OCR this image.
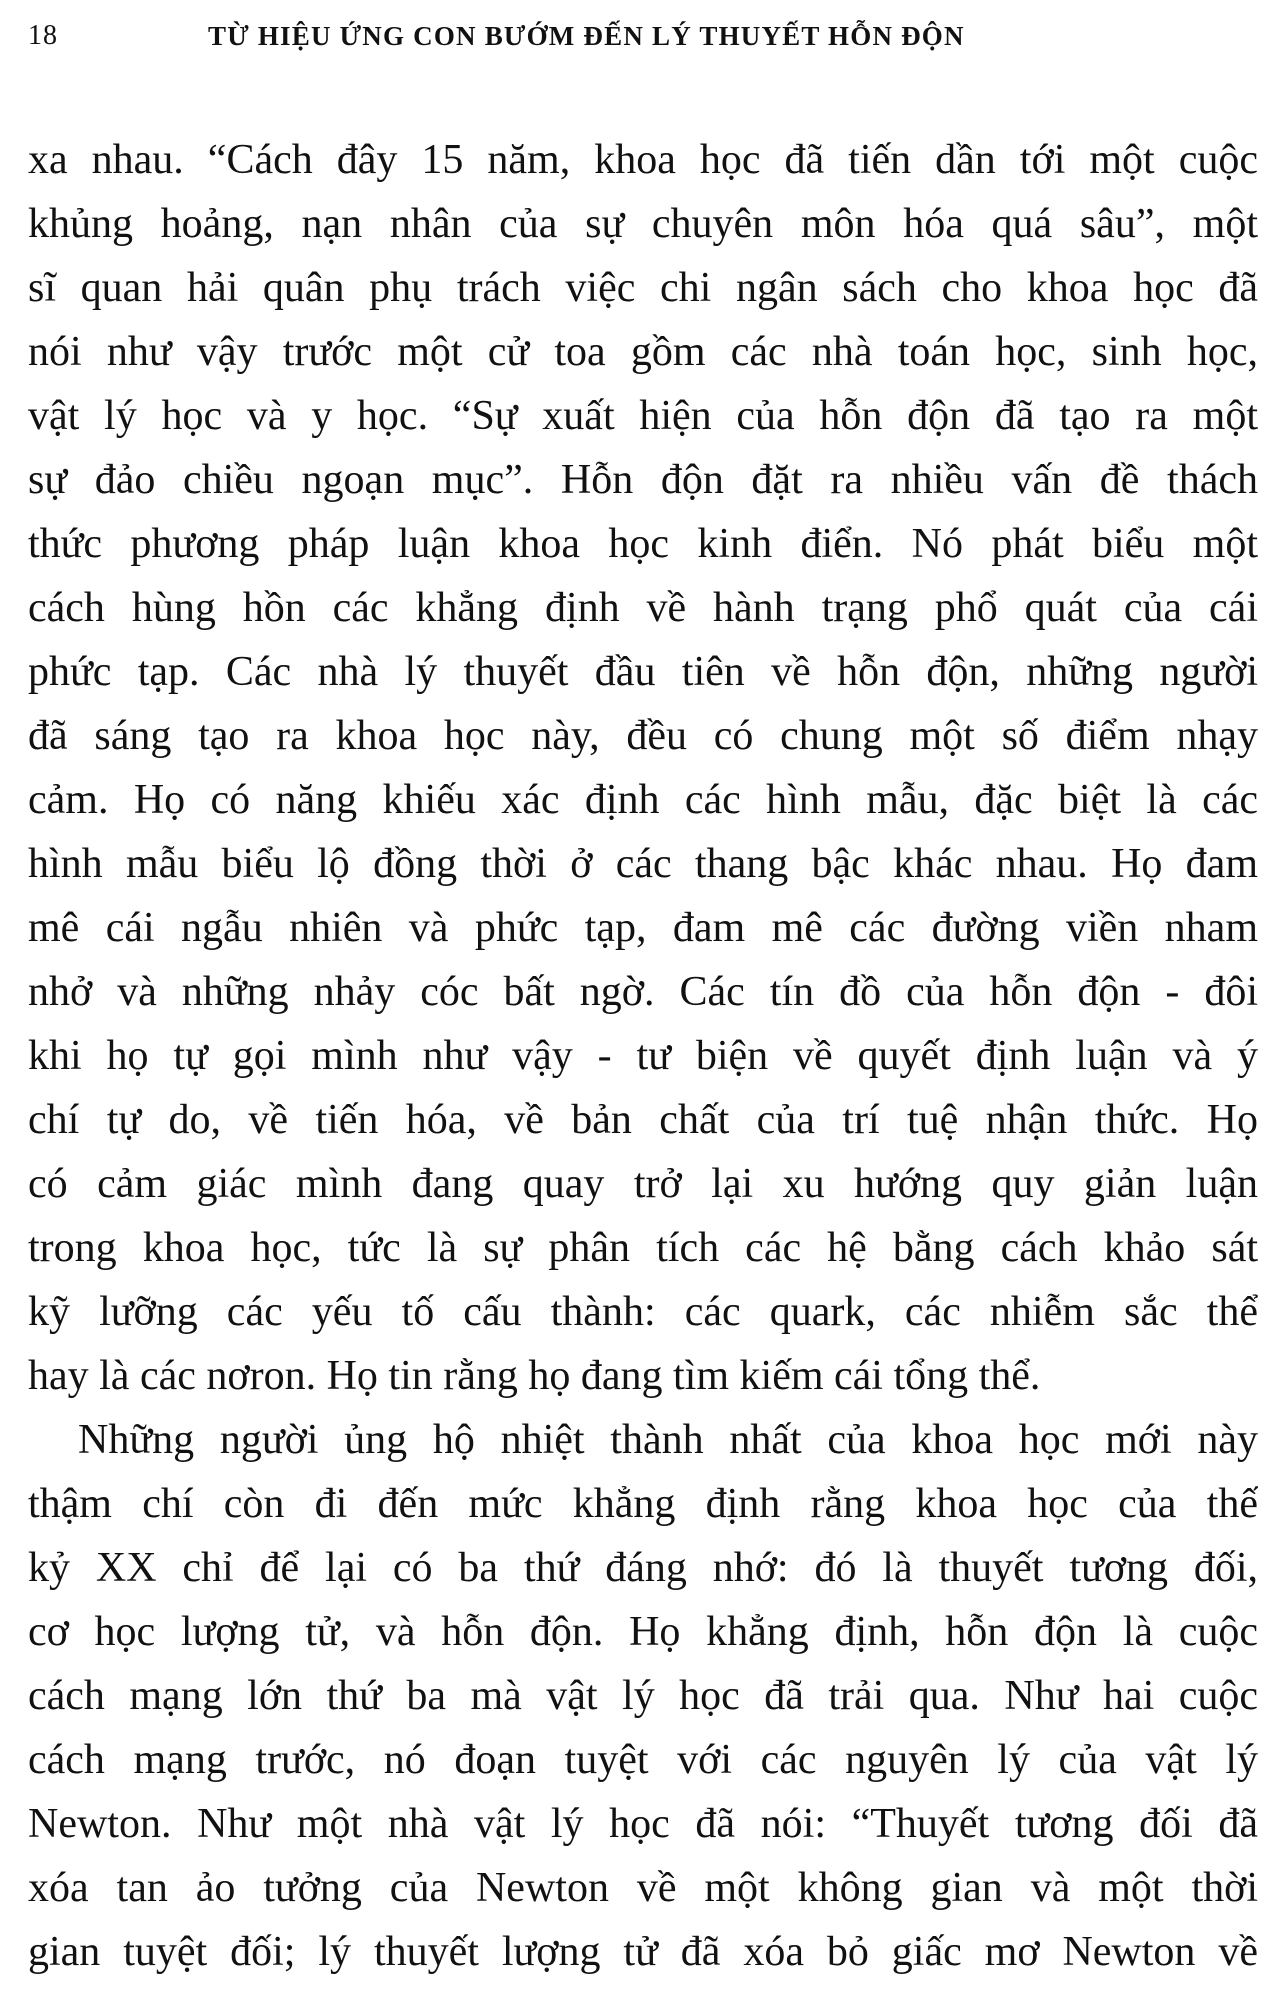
18	TỪ HIỆU ỨNG CON BƯỚM ĐẾN LÝ THUYẾT HỖN ĐỘN
xa nhau. “Cách đây 15 năm, khoa học đã tiến dần tới một cuộc
khủng hoảng, nạn nhân của sự chuyên môn hóa quá sâu”, một
sĩ quan hải quân phụ trách việc chi ngân sách cho khoa học đã
nói như vậy trước một cử toa gồm các nhà toán học, sinh học,
vật lý học và y học. “Sự xuất hiện của hỗn độn đã tạo ra một
sự đảo chiều ngoạn mục”. Hỗn độn đặt ra nhiều vấn đề thách
thức phương pháp luận khoa học kinh điển. Nó phát biểu một
cách hùng hồn các khẳng định về hành trạng phổ quát của cái
phức tạp. Các nhà lý thuyết đầu tiên về hỗn độn, những người
đã sáng tạo ra khoa học này, đều có chung một số điểm nhạy
cảm. Họ có năng khiếu xác định các hình mẫu, đặc biệt là các
hình mẫu biểu lộ đồng thời ở các thang bậc khác nhau. Họ đam
mê cái ngẫu nhiên và phức tạp, đam mê các đường viền nham
nhở và những nhảy cóc bất ngờ. Các tín đồ của hỗn độn - đôi
khi họ tự gọi mình như vậy - tư biện về quyết định luận và ý
chí tự do, về tiến hóa, về bản chất của trí tuệ nhận thức. Họ
có cảm giác mình đang quay trở lại xu hướng quy giản luận
trong khoa học, tức là sự phân tích các hệ bằng cách khảo sát
kỹ lưỡng các yếu tố cấu thành: các quark, các nhiễm sắc thể
hay là các nơron. Họ tin rằng họ đang tìm kiếm cái tổng thể.
Những người ủng hộ nhiệt thành nhất của khoa học mới này
thậm chí còn đi đến mức khẳng định rằng khoa học của thế
kỷ XX chỉ để lại có ba thứ đáng nhớ: đó là thuyết tương đối,
cơ học lượng tử, và hỗn độn. Họ khẳng định, hỗn độn là cuộc
cách mạng lớn thứ ba mà vật lý học đã trải qua. Như hai cuộc
cách mạng trước, nó đoạn tuyệt với các nguyên lý của vật lý
Newton. Như một nhà vật lý học đã nói: “Thuyết tương đối đã
xóa tan ảo tưởng của Newton về một không gian và một thời
gian tuyệt đối; lý thuyết lượng tử đã xóa bỏ giấc mơ Newton về
